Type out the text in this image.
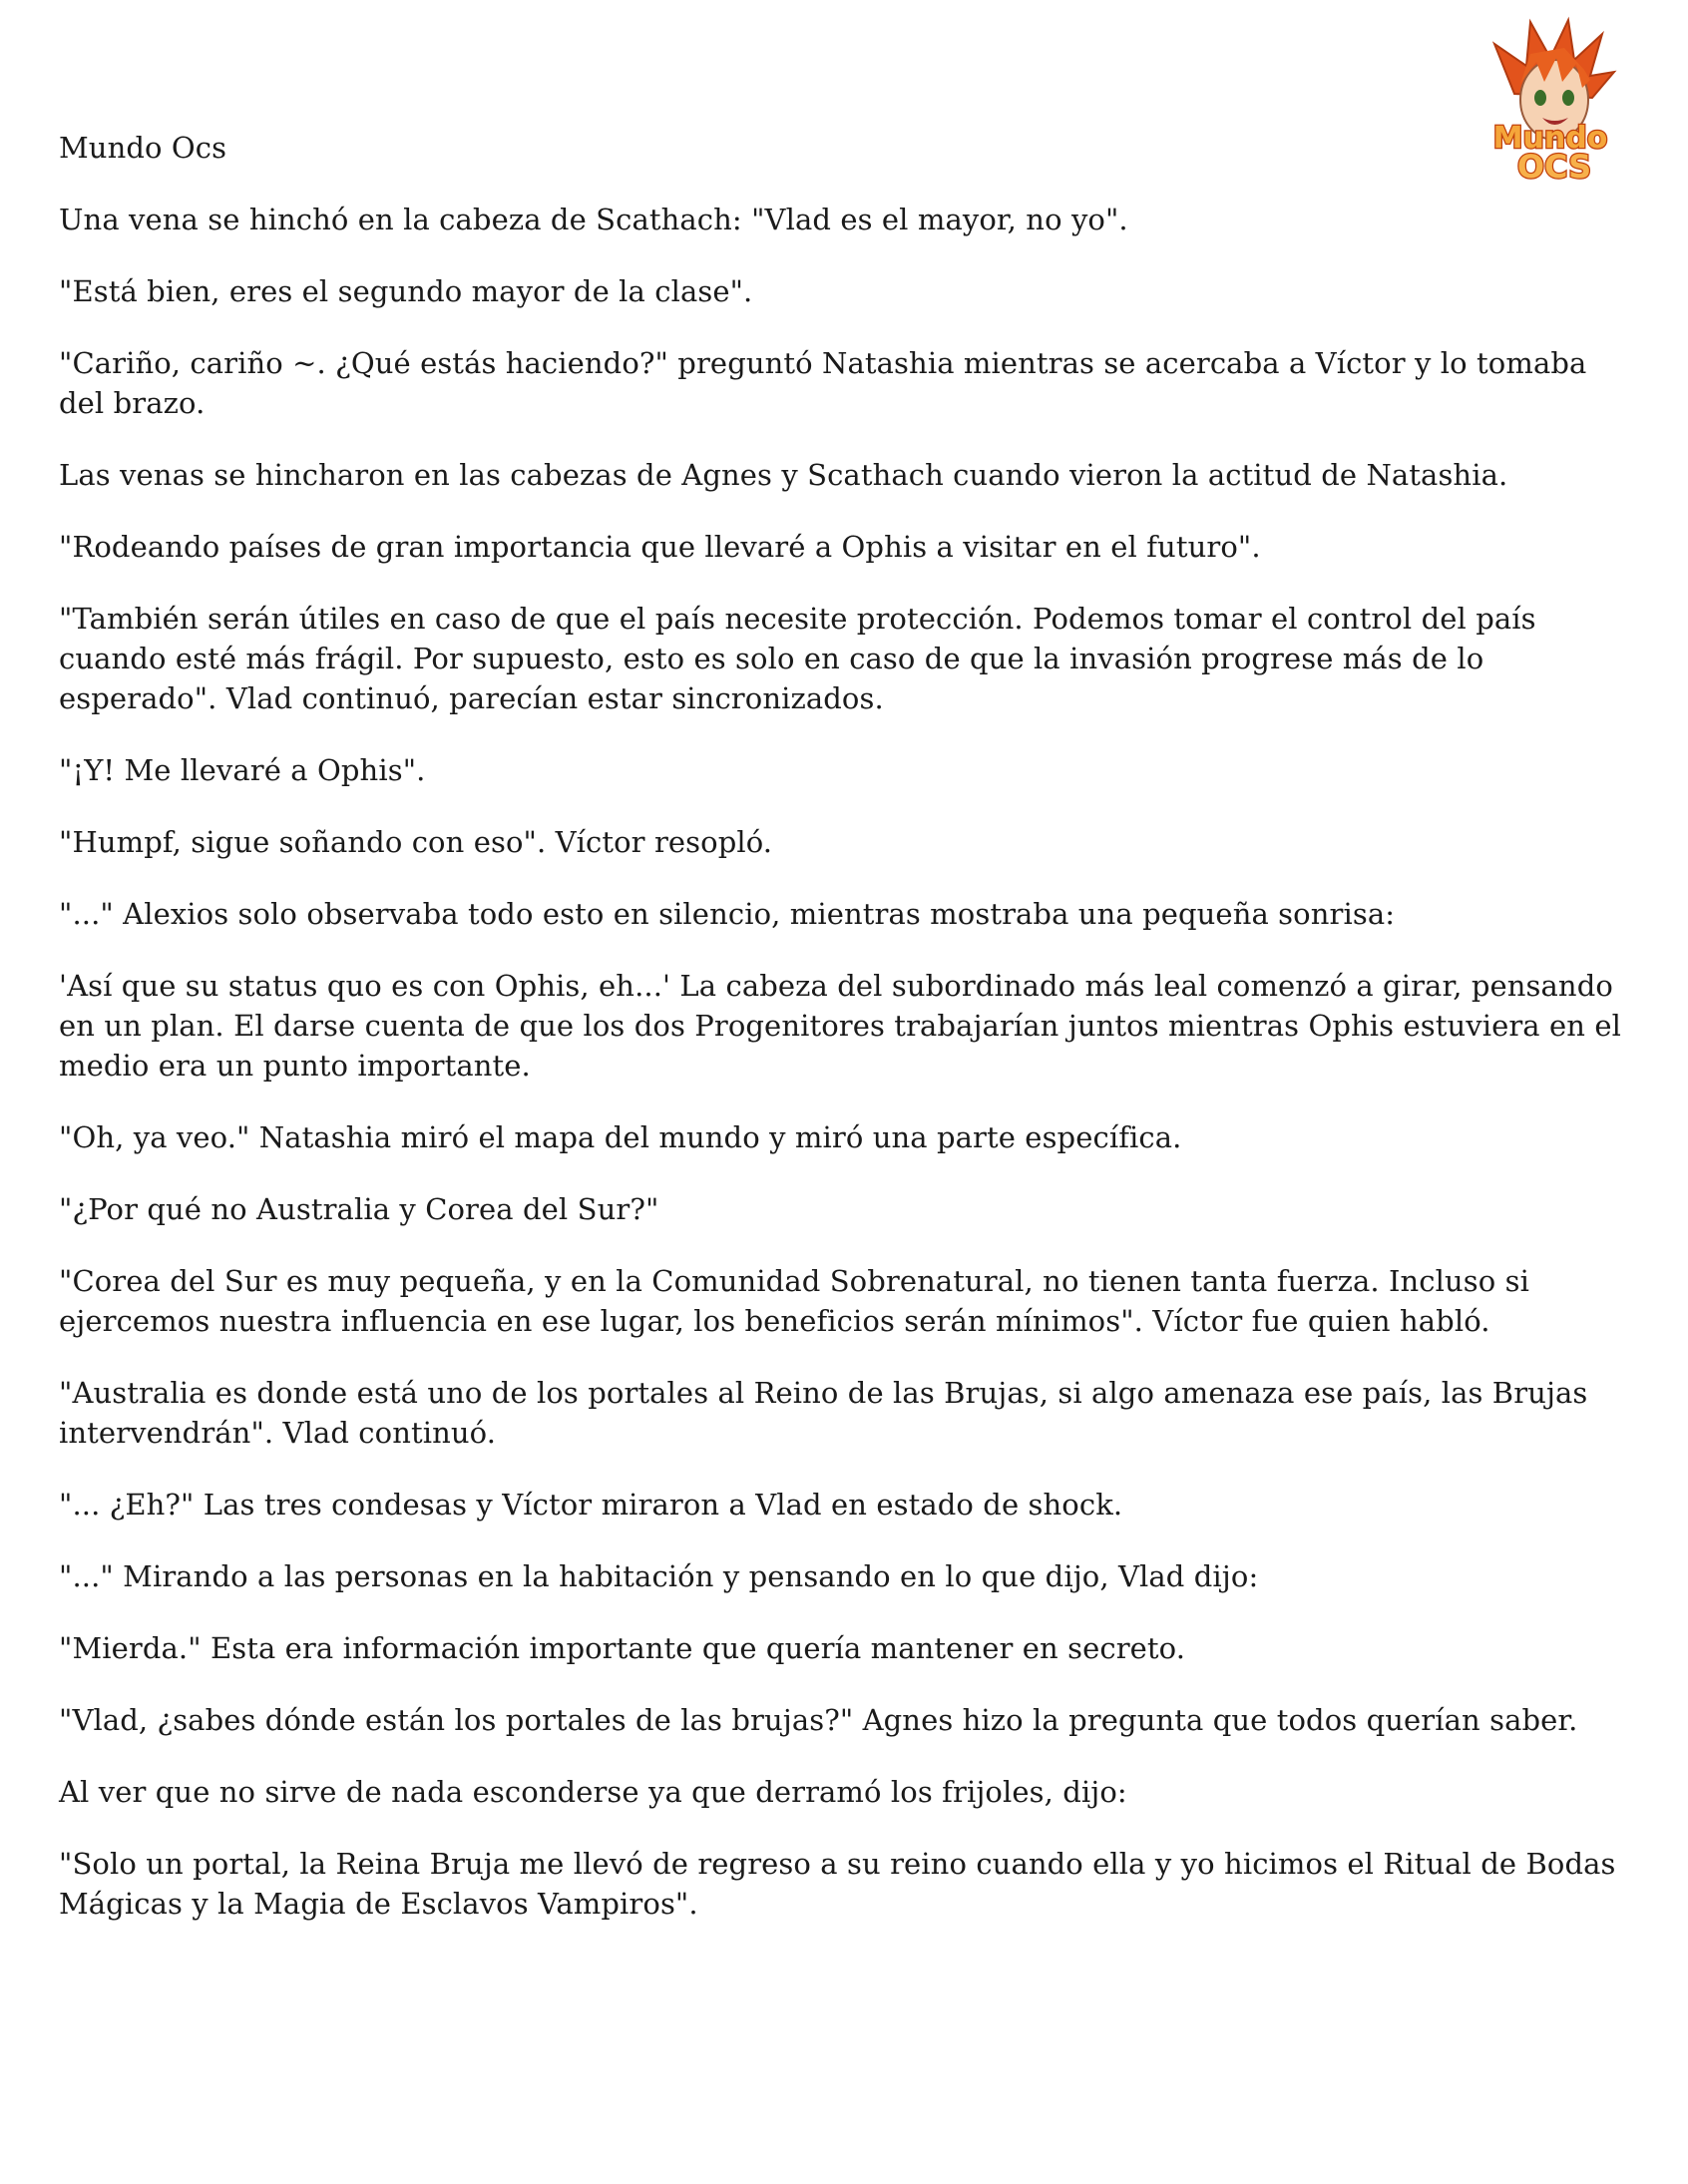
Mundo
OCS

Mundo Ocs

Una vena se hinchó en la cabeza de Scathach: "Vlad es el mayor, no yo".

"Está bien, eres el segundo mayor de la clase".

"Cariño, cariño ~. ¿Qué estás haciendo?" preguntó Natashia mientras se acercaba a Víctor y lo tomaba del brazo.

Las venas se hincharon en las cabezas de Agnes y Scathach cuando vieron la actitud de Natashia.

"Rodeando países de gran importancia que llevaré a Ophis a visitar en el futuro".

"También serán útiles en caso de que el país necesite protección. Podemos tomar el control del país cuando esté más frágil. Por supuesto, esto es solo en caso de que la invasión progrese más de lo esperado". Vlad continuó, parecían estar sincronizados.

"¡Y! Me llevaré a Ophis".

"Humpf, sigue soñando con eso". Víctor resopló.

"..." Alexios solo observaba todo esto en silencio, mientras mostraba una pequeña sonrisa:

'Así que su status quo es con Ophis, eh...' La cabeza del subordinado más leal comenzó a girar, pensando en un plan. El darse cuenta de que los dos Progenitores trabajarían juntos mientras Ophis estuviera en el medio era un punto importante.

"Oh, ya veo." Natashia miró el mapa del mundo y miró una parte específica.

"¿Por qué no Australia y Corea del Sur?"

"Corea del Sur es muy pequeña, y en la Comunidad Sobrenatural, no tienen tanta fuerza. Incluso si ejercemos nuestra influencia en ese lugar, los beneficios serán mínimos". Víctor fue quien habló.

"Australia es donde está uno de los portales al Reino de las Brujas, si algo amenaza ese país, las Brujas intervendrán". Vlad continuó.

"... ¿Eh?" Las tres condesas y Víctor miraron a Vlad en estado de shock.

"..." Mirando a las personas en la habitación y pensando en lo que dijo, Vlad dijo:

"Mierda." Esta era información importante que quería mantener en secreto.

"Vlad, ¿sabes dónde están los portales de las brujas?" Agnes hizo la pregunta que todos querían saber.

Al ver que no sirve de nada esconderse ya que derramó los frijoles, dijo:

"Solo un portal, la Reina Bruja me llevó de regreso a su reino cuando ella y yo hicimos el Ritual de Bodas Mágicas y la Magia de Esclavos Vampiros".
